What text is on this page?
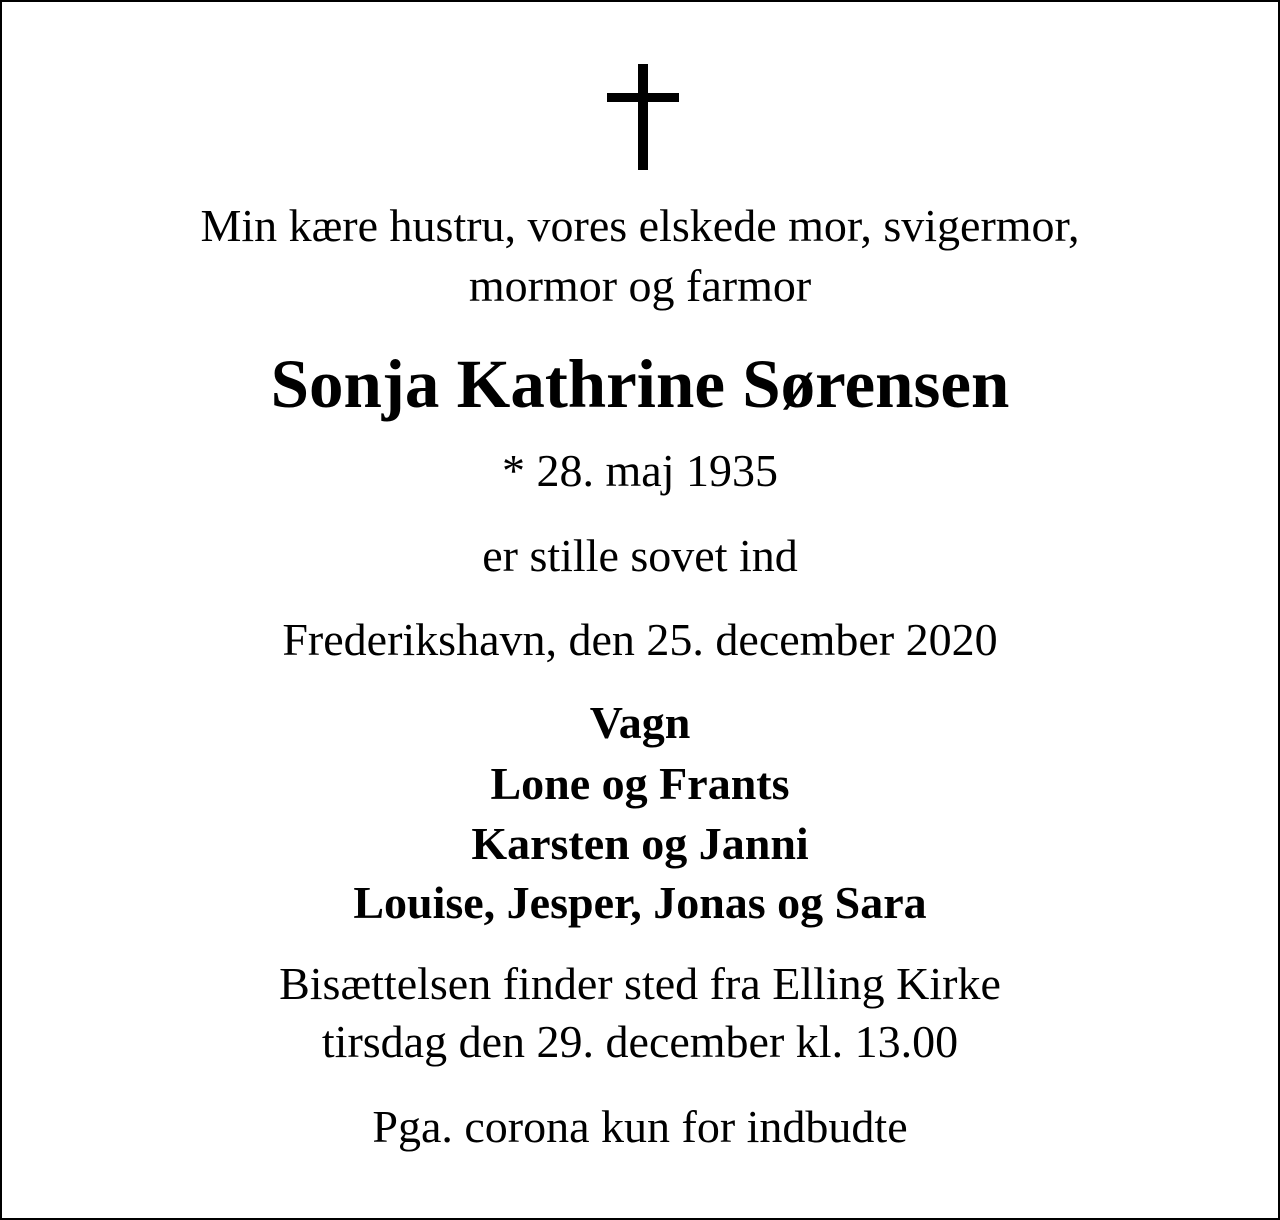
Min kære hustru, vores elskede mor, svigermor,
mormor og farmor
Sonja Kathrine Sørensen
* 28. maj 1935
er stille sovet ind
Frederikshavn, den 25. december 2020
Vagn
Lone og Frants
Karsten og Janni
Louise, Jesper, Jonas og Sara
Bisættelsen finder sted fra Elling Kirke
tirsdag den 29. december kl. 13.00
Pga. corona kun for indbudte
